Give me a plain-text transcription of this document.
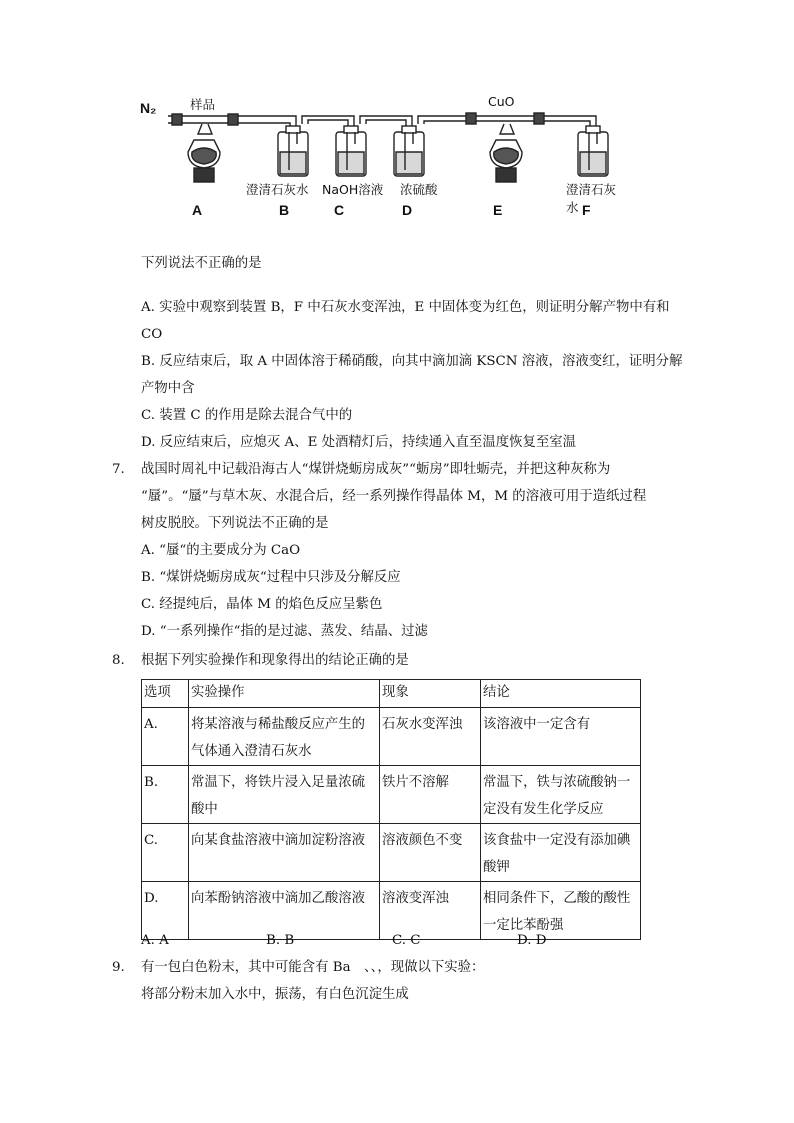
N₂	样品	CuO
澄清石灰水 NaOH溶液 浓硫酸	澄清石灰水
A	B	C	D	E	F
下列说法不正确的是
A. 实验中观察到装置 B，F 中石灰水变浑浊，E 中固体变为红色，则证明分解产物中有和
CO
B. 反应结束后，取 A 中固体溶于稀硝酸，向其中滴加滴 KSCN 溶液，溶液变红，证明分解
产物中含
C. 装置 C 的作用是除去混合气中的
D. 反应结束后，应熄灭 A、E 处酒精灯后，持续通入直至温度恢复至室温
7. 战国时周礼中记载沿海古人“煤饼烧蛎房成灰”“蛎房”即牡蛎壳，并把这种灰称为
“蜃”。“蜃”与草木灰、水混合后，经一系列操作得晶体 M，M 的溶液可用于造纸过程
树皮脱胶。下列说法不正确的是
A. “蜃“的主要成分为 CaO
B. “煤饼烧蛎房成灰“过程中只涉及分解反应
C. 经提纯后，晶体 M 的焰色反应呈紫色
D. “一系列操作“指的是过滤、蒸发、结晶、过滤
8. 根据下列实验操作和现象得出的结论正确的是
选项	实验操作	现象	结论
A.	将某溶液与稀盐酸反应产生的气体通入澄清石灰水	石灰水变浑浊	该溶液中一定含有
B.	常温下，将铁片浸入足量浓硫酸中	铁片不溶解	常温下，铁与浓硫酸钠一定没有发生化学反应
C.	向某食盐溶液中滴加淀粉溶液	溶液颜色不变	该食盐中一定没有添加碘酸钾
D.	向苯酚钠溶液中滴加乙酸溶液	溶液变浑浊	相同条件下，乙酸的酸性一定比苯酚强
A. A	B. B	C. C	D. D
9. 有一包白色粉末，其中可能含有 Ba　、、，现做以下实验：
将部分粉末加入水中，振荡，有白色沉淀生成
